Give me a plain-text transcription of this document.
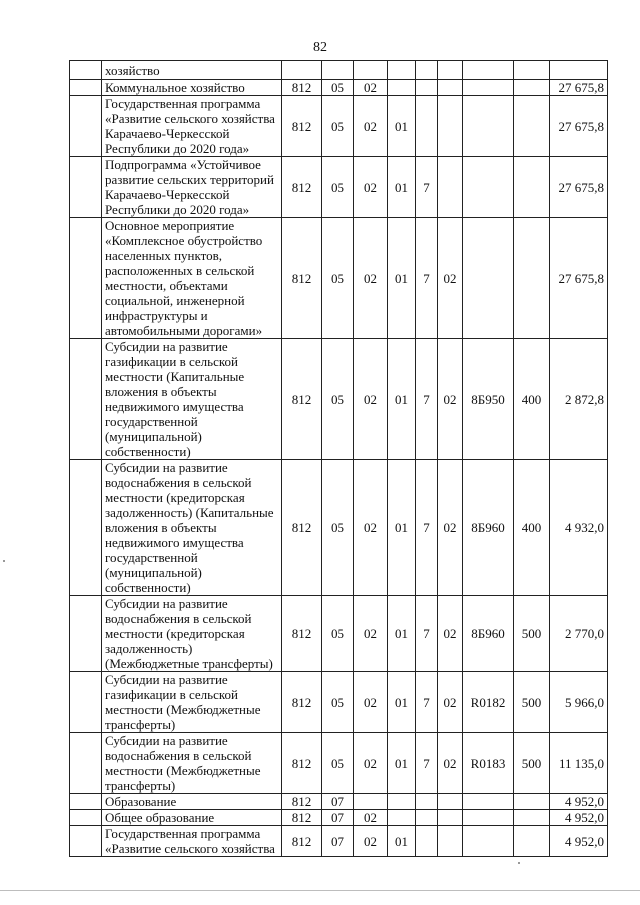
82
	хозяйство									
	Коммунальное хозяйство	812	05	02						27 675,8
	Государственная программа «Развитие сельского хозяйства Карачаево-Черкесской Республики до 2020 года»	812	05	02	01					27 675,8
	Подпрограмма «Устойчивое развитие сельских территорий Карачаево-Черкесской Республики до 2020 года»	812	05	02	01	7				27 675,8
	Основное мероприятие «Комплексное обустройство населенных пунктов, расположенных в сельской местности, объектами социальной, инженерной инфраструктуры и автомобильными дорогами»	812	05	02	01	7	02			27 675,8
	Субсидии на развитие газификации в сельской местности (Капитальные вложения в объекты недвижимого имущества государственной (муниципальной) собственности)	812	05	02	01	7	02	8Б950	400	2 872,8
	Субсидии на развитие водоснабжения в сельской местности (кредиторская задолженность) (Капитальные вложения в объекты недвижимого имущества государственной (муниципальной) собственности)	812	05	02	01	7	02	8Б960	400	4 932,0
	Субсидии на развитие водоснабжения в сельской местности (кредиторская задолженность) (Межбюджетные трансферты)	812	05	02	01	7	02	8Б960	500	2 770,0
	Субсидии на развитие газификации в сельской местности (Межбюджетные трансферты)	812	05	02	01	7	02	R0182	500	5 966,0
	Субсидии на развитие водоснабжения в сельской местности (Межбюджетные трансферты)	812	05	02	01	7	02	R0183	500	11 135,0
	Образование	812	07							4 952,0
	Общее образование	812	07	02						4 952,0
	Государственная программа «Развитие сельского хозяйства	812	07	02	01					4 952,0
